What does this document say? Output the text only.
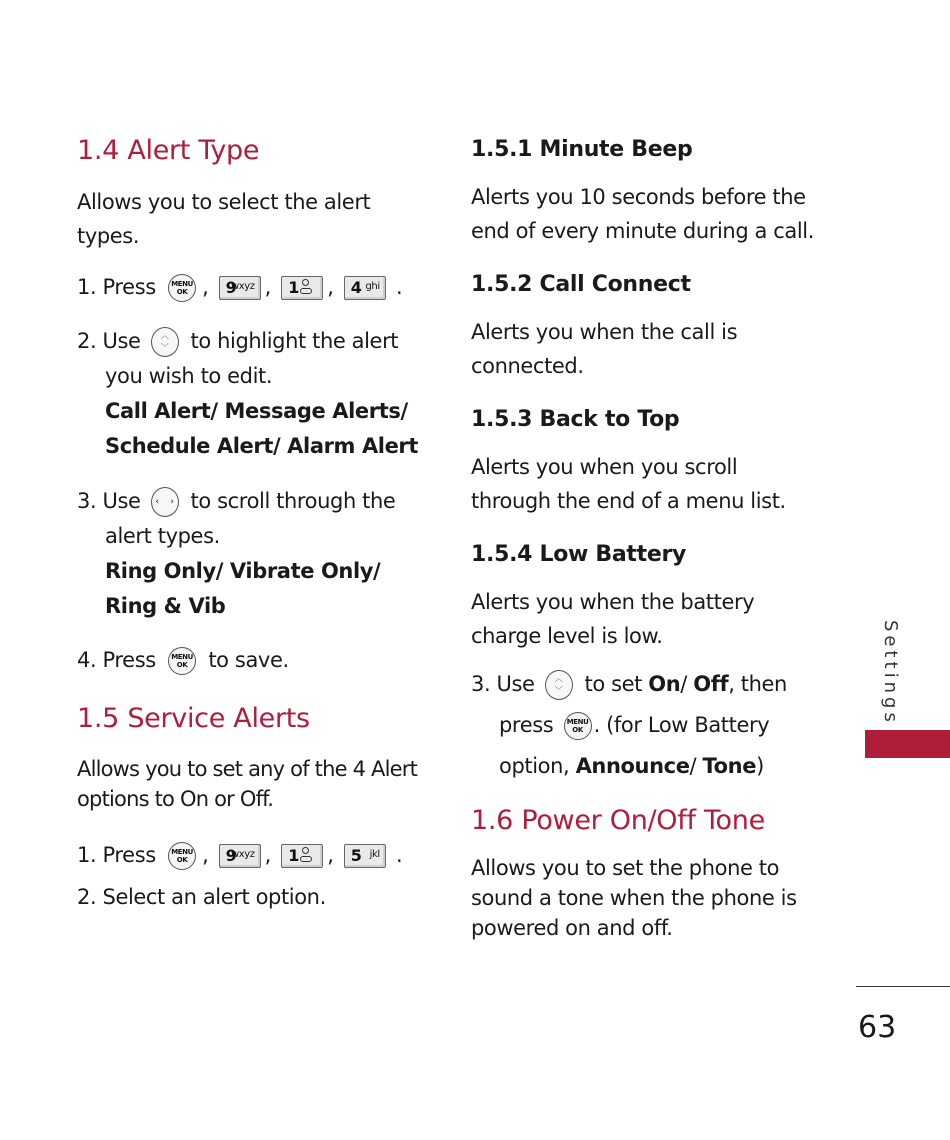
1.4 Alert Type

Allows you to select the alert types.

1. Press	MENU
OK , 9
wxyz , 1 , 4 ghi .
2. Use	︿
﹀	to highlight the alert
you wish to edit.
Call Alert/ Message Alerts/
Schedule Alert/ Alarm Alert
3. Use ‹ › to scroll through the
alert types.
Ring Only/ Vibrate Only/
Ring & Vib
4. Press	MENU
OK	to save.
1.5 Service Alerts

Allows you to set any of the 4 Alert options to On or Off.

1. Press	MENU
OK , 9
wxyz , 1 , 5 jkl .
2. Select an alert option.
1.5.1 Minute Beep

Alerts you 10 seconds before the end of every minute during a call.

1.5.2 Call Connect

Alerts you when the call is connected.

1.5.3 Back to Top

Alerts you when you scroll through the end of a menu list.

1.5.4 Low Battery

Alerts you when the battery charge level is low.

3. Use	︿
﹀	to set On/ Off, then
press	MENU
OK . (for Low Battery
option, Announce/ Tone)
1.6 Power On/Off Tone

Allows you to set the phone to sound a tone when the phone is powered on and off.

Settings
63
